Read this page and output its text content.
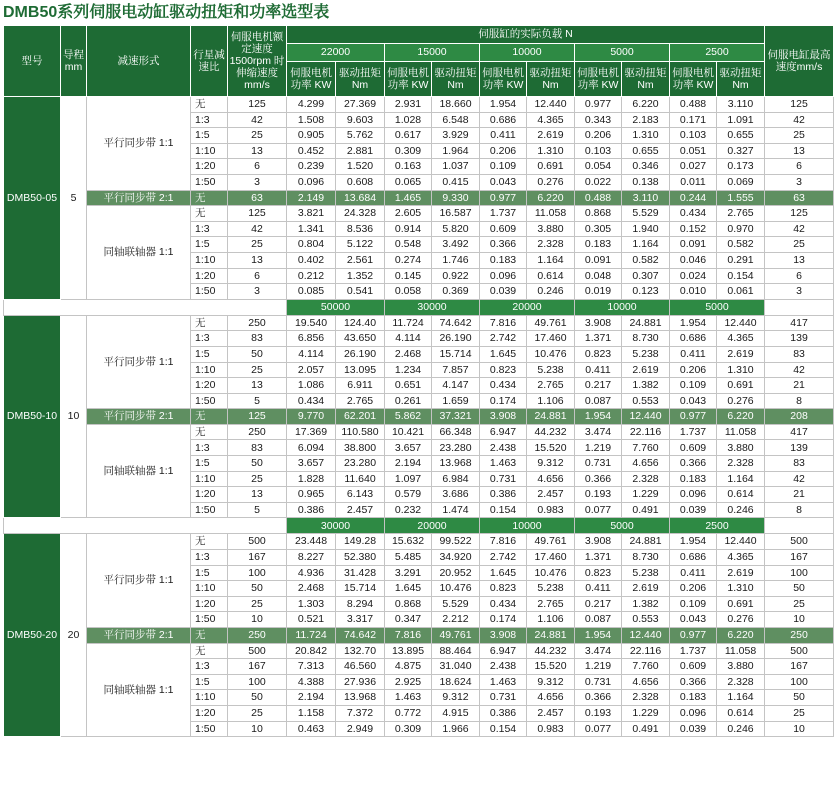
DMB50系列伺服电动缸驱动扭矩和功率选型表
型号	导程 mm	减速形式	行星减速比	伺服电机额定速度1500rpm 时伸缩速度mm/s	伺服缸的实际负载 N										伺服电缸最高速度mm/s
					22000		15000		10000		5000		2500		
					伺服电机功率 KW	驱动扭矩Nm	伺服电机功率 KW	驱动扭矩Nm	伺服电机功率 KW	驱动扭矩Nm	伺服电机功率 KW	驱动扭矩Nm	伺服电机功率 KW	驱动扭矩Nm	
DMB50-05	5	平行同步带 1:1	无	125	4.299	27.369	2.931	18.660	1.954	12.440	0.977	6.220	0.488	3.110	125
			1:3	42	1.508	9.603	1.028	6.548	0.686	4.365	0.343	2.183	0.171	1.091	42
			1:5	25	0.905	5.762	0.617	3.929	0.411	2.619	0.206	1.310	0.103	0.655	25
			1:10	13	0.452	2.881	0.309	1.964	0.206	1.310	0.103	0.655	0.051	0.327	13
			1:20	6	0.239	1.520	0.163	1.037	0.109	0.691	0.054	0.346	0.027	0.173	6
			1:50	3	0.096	0.608	0.065	0.415	0.043	0.276	0.022	0.138	0.011	0.069	3
		平行同步带 2:1	无	63	2.149	13.684	1.465	9.330	0.977	6.220	0.488	3.110	0.244	1.555	63
		同轴联轴器 1:1	无	125	3.821	24.328	2.605	16.587	1.737	11.058	0.868	5.529	0.434	2.765	125
			1:3	42	1.341	8.536	0.914	5.820	0.609	3.880	0.305	1.940	0.152	0.970	42
			1:5	25	0.804	5.122	0.548	3.492	0.366	2.328	0.183	1.164	0.091	0.582	25
			1:10	13	0.402	2.561	0.274	1.746	0.183	1.164	0.091	0.582	0.046	0.291	13
			1:20	6	0.212	1.352	0.145	0.922	0.096	0.614	0.048	0.307	0.024	0.154	6
			1:50	3	0.085	0.541	0.058	0.369	0.039	0.246	0.019	0.123	0.010	0.061	3
					50000		30000		20000		10000		5000		
DMB50-10	10	平行同步带 1:1	无	250	19.540	124.40	11.724	74.642	7.816	49.761	3.908	24.881	1.954	12.440	417
			1:3	83	6.856	43.650	4.114	26.190	2.742	17.460	1.371	8.730	0.686	4.365	139
			1:5	50	4.114	26.190	2.468	15.714	1.645	10.476	0.823	5.238	0.411	2.619	83
			1:10	25	2.057	13.095	1.234	7.857	0.823	5.238	0.411	2.619	0.206	1.310	42
			1:20	13	1.086	6.911	0.651	4.147	0.434	2.765	0.217	1.382	0.109	0.691	21
			1:50	5	0.434	2.765	0.261	1.659	0.174	1.106	0.087	0.553	0.043	0.276	8
		平行同步带 2:1	无	125	9.770	62.201	5.862	37.321	3.908	24.881	1.954	12.440	0.977	6.220	208
		同轴联轴器 1:1	无	250	17.369	110.580	10.421	66.348	6.947	44.232	3.474	22.116	1.737	11.058	417
			1:3	83	6.094	38.800	3.657	23.280	2.438	15.520	1.219	7.760	0.609	3.880	139
			1:5	50	3.657	23.280	2.194	13.968	1.463	9.312	0.731	4.656	0.366	2.328	83
			1:10	25	1.828	11.640	1.097	6.984	0.731	4.656	0.366	2.328	0.183	1.164	42
			1:20	13	0.965	6.143	0.579	3.686	0.386	2.457	0.193	1.229	0.096	0.614	21
			1:50	5	0.386	2.457	0.232	1.474	0.154	0.983	0.077	0.491	0.039	0.246	8
					30000		20000		10000		5000		2500		
DMB50-20	20	平行同步带 1:1	无	500	23.448	149.28	15.632	99.522	7.816	49.761	3.908	24.881	1.954	12.440	500
			1:3	167	8.227	52.380	5.485	34.920	2.742	17.460	1.371	8.730	0.686	4.365	167
			1:5	100	4.936	31.428	3.291	20.952	1.645	10.476	0.823	5.238	0.411	2.619	100
			1:10	50	2.468	15.714	1.645	10.476	0.823	5.238	0.411	2.619	0.206	1.310	50
			1:20	25	1.303	8.294	0.868	5.529	0.434	2.765	0.217	1.382	0.109	0.691	25
			1:50	10	0.521	3.317	0.347	2.212	0.174	1.106	0.087	0.553	0.043	0.276	10
		平行同步带 2:1	无	250	11.724	74.642	7.816	49.761	3.908	24.881	1.954	12.440	0.977	6.220	250
		同轴联轴器 1:1	无	500	20.842	132.70	13.895	88.464	6.947	44.232	3.474	22.116	1.737	11.058	500
			1:3	167	7.313	46.560	4.875	31.040	2.438	15.520	1.219	7.760	0.609	3.880	167
			1:5	100	4.388	27.936	2.925	18.624	1.463	9.312	0.731	4.656	0.366	2.328	100
			1:10	50	2.194	13.968	1.463	9.312	0.731	4.656	0.366	2.328	0.183	1.164	50
			1:20	25	1.158	7.372	0.772	4.915	0.386	2.457	0.193	1.229	0.096	0.614	25
			1:50	10	0.463	2.949	0.309	1.966	0.154	0.983	0.077	0.491	0.039	0.246	10
